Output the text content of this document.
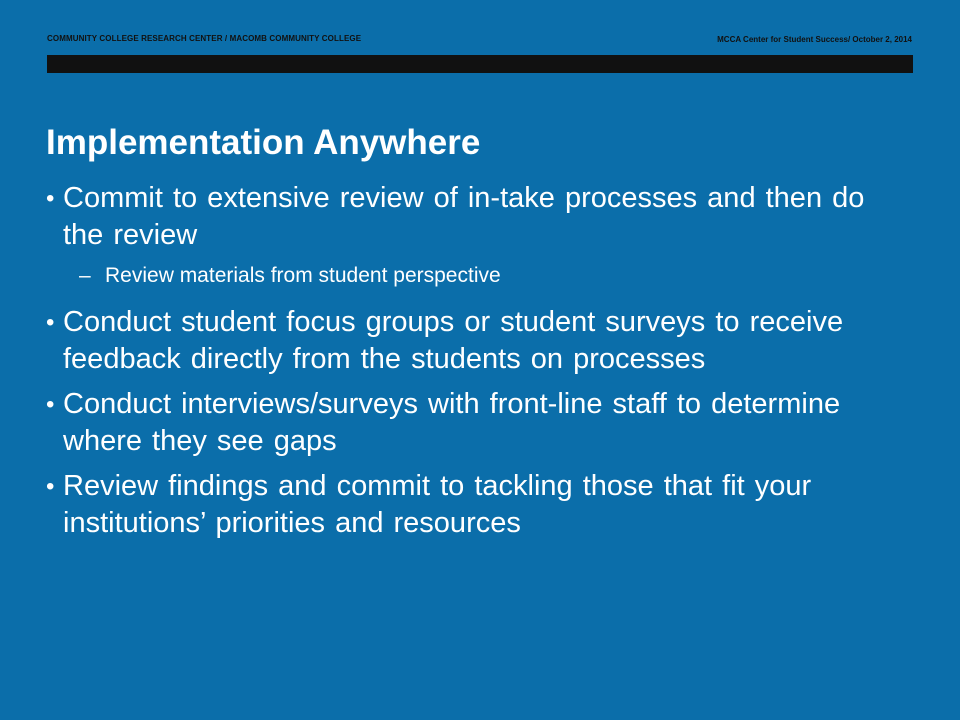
COMMUNITY COLLEGE RESEARCH CENTER / MACOMB COMMUNITY COLLEGE	MCCA Center for Student Success/ October 2, 2014
Implementation Anywhere
• Commit to extensive review of in-take processes and then do the review
– Review materials from student perspective
• Conduct student focus groups or student surveys to receive feedback directly from the students on processes
• Conduct interviews/surveys with front-line staff to determine where they see gaps
• Review findings and commit to tackling those that fit your institutions’ priorities and resources
